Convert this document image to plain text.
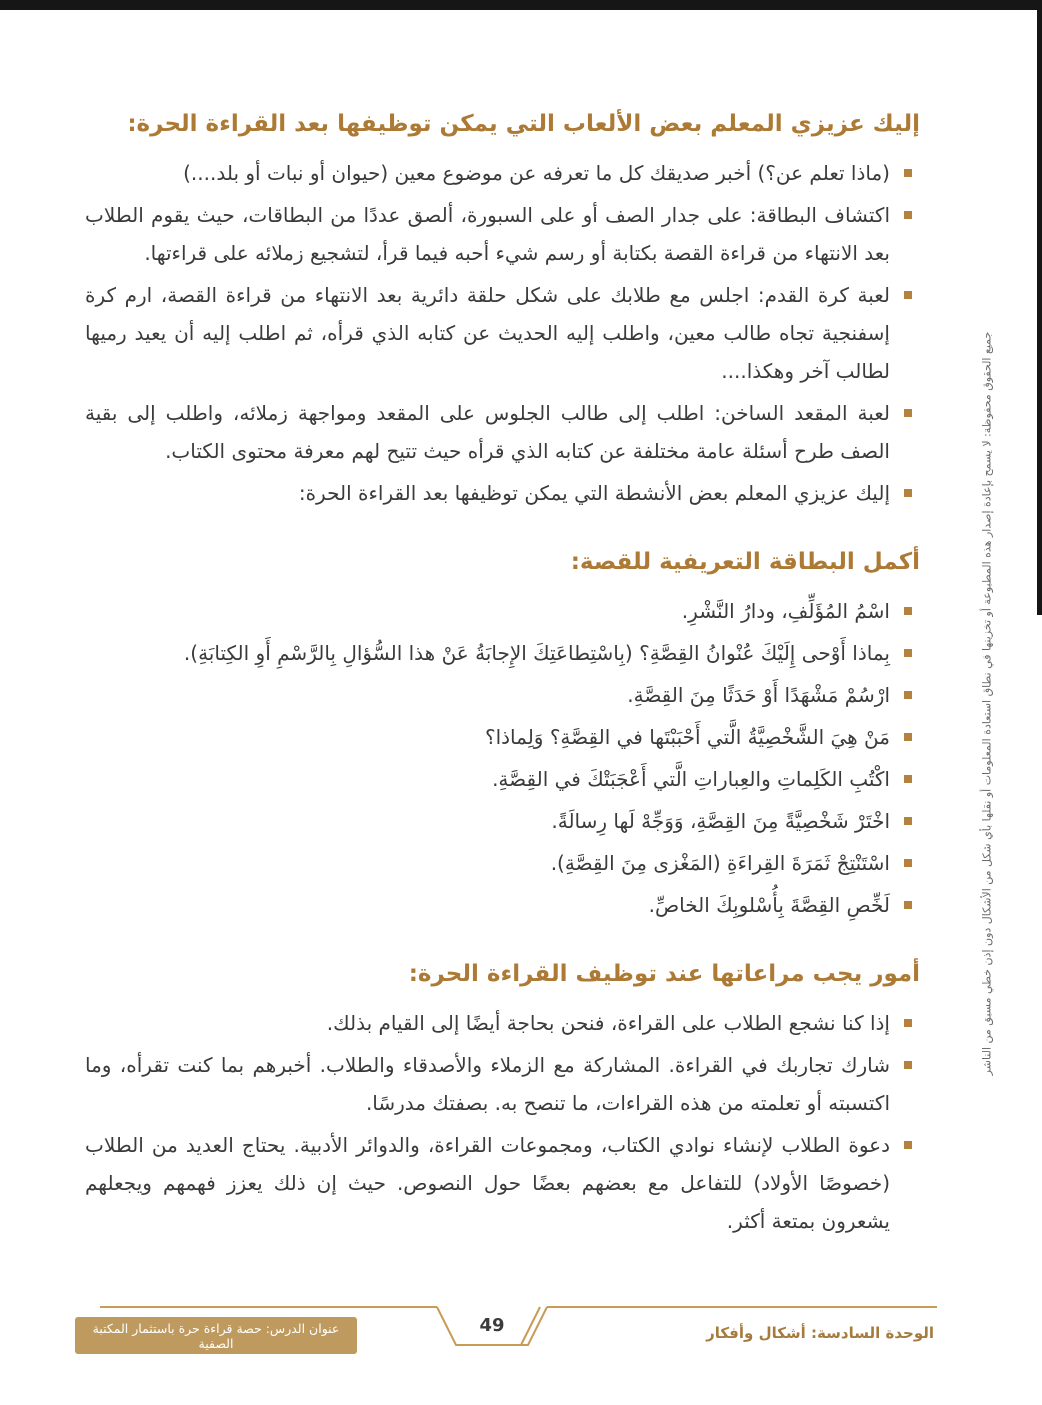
جميع الحقوق محفوظة: لا يسمح بإعادة إصدار هذه المطبوعة أو تخزينها في نطاق استعادة المعلومات أو نقلها بأي شكل من الأشكال دون إذن خطي مسبق من الناشر
إليك عزيزي المعلم بعض الألعاب التي يمكن توظيفها بعد القراءة الحرة:
(ماذا تعلم عن؟) أخبر صديقك كل ما تعرفه عن موضوع معين (حيوان أو نبات أو بلد....)
اكتشاف البطاقة: على جدار الصف أو على السبورة، ألصق عددًا من البطاقات، حيث يقوم الطلاب بعد الانتهاء من قراءة القصة بكتابة أو رسم شيء أحبه فيما قرأ، لتشجيع زملائه على قراءتها.
لعبة كرة القدم: اجلس مع طلابك على شكل حلقة دائرية بعد الانتهاء من قراءة القصة، ارم كرة إسفنجية تجاه طالب معين، واطلب إليه الحديث عن كتابه الذي قرأه، ثم اطلب إليه أن يعيد رميها لطالب آخر وهكذا....
لعبة المقعد الساخن: اطلب إلى طالب الجلوس على المقعد ومواجهة زملائه، واطلب إلى بقية الصف طرح أسئلة عامة مختلفة عن كتابه الذي قرأه حيث تتيح لهم معرفة محتوى الكتاب.
إليك عزيزي المعلم بعض الأنشطة التي يمكن توظيفها بعد القراءة الحرة:
أكمل البطاقة التعريفية للقصة:
اسْمُ المُؤَلِّفِ، ودارُ النَّشْرِ.
بِماذا أَوْحى إِلَيْكَ عُنْوانُ القِصَّةِ؟ (بِاسْتِطاعَتِكَ الإِجابَةُ عَنْ هذا السُّؤالِ بِالرَّسْمِ أَوِ الكِتابَةِ).
ارْسُمْ مَشْهَدًا أَوْ حَدَثًا مِنَ القِصَّةِ.
مَنْ هِيَ الشَّخْصِيَّةُ الَّتي أَحْبَبْتَها في القِصَّةِ؟ وَلِماذا؟
اكْتُبِ الكَلِماتِ والعِباراتِ الَّتي أَعْجَبَتْكَ في القِصَّةِ.
اخْتَرْ شَخْصِيَّةً مِنَ القِصَّةِ، وَوَجِّهْ لَها رِسالَةً.
اسْتَنْتِجْ ثَمَرَةَ القِراءَةِ (المَغْزى مِنَ القِصَّةِ).
لَخِّصِ القِصَّةَ بِأُسْلوبِكَ الخاصِّ.
أمور يجب مراعاتها عند توظيف القراءة الحرة:
إذا كنا نشجع الطلاب على القراءة، فنحن بحاجة أيضًا إلى القيام بذلك.
شارك تجاربك في القراءة. المشاركة مع الزملاء والأصدقاء والطلاب. أخبرهم بما كنت تقرأه، وما اكتسبته أو تعلمته من هذه القراءات، ما تنصح به. بصفتك مدرسًا.
دعوة الطلاب لإنشاء نوادي الكتاب، ومجموعات القراءة، والدوائر الأدبية. يحتاج العديد من الطلاب (خصوصًا الأولاد) للتفاعل مع بعضهم بعضًا حول النصوص. حيث إن ذلك يعزز فهمهم ويجعلهم يشعرون بمتعة أكثر.
49
عنوان الدرس: حصة قراءة حرة باستثمار المكتبة الصفية
الوحدة السادسة: أشكال وأفكار
